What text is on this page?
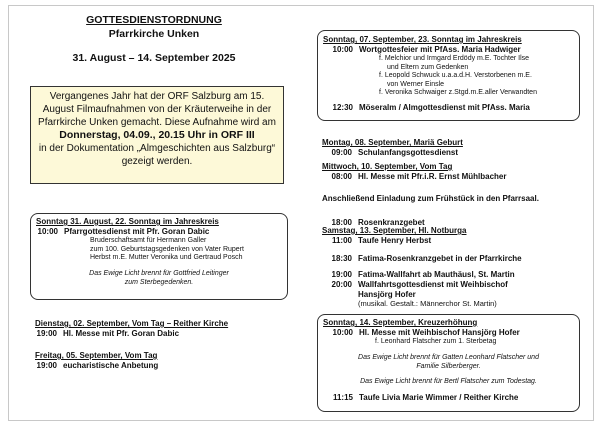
GOTTESDIENSTORDNUNG
Pfarrkirche Unken
31. August – 14. September 2025
Vergangenes Jahr hat der ORF Salzburg am 15. August Filmaufnahmen von der Kräuterweihe in der Pfarrkirche Unken gemacht. Diese Aufnahme wird am
Donnerstag, 04.09., 20.15 Uhr in ORF III
in der Dokumentation „Almgeschichten aus Salzburg“ gezeigt werden.
Sonntag 31. August, 22. Sonntag im Jahreskreis
10:00 Pfarrgottesdienst mit Pfr. Goran Dabic
Bruderschaftsamt für Hermann Galler
zum 100. Geburtstagsgedenken von Vater Rupert
Herbst m.E. Mutter Veronika und Gertraud Posch
Das Ewige Licht brennt für Gottfried Leitinger
zum Sterbegedenken.
Dienstag, 02. September, Vom Tag – Reither Kirche
19:00 Hl. Messe mit Pfr. Goran Dabic
Freitag, 05. September, Vom Tag
19:00 eucharistische Anbetung
Sonntag, 07. September, 23. Sonntag im Jahreskreis
10:00 Wortgottesfeier mit PfAss. Maria Hadwiger
f. Melchior und Irmgard Erdödy m.E. Tochter Ilse
und Eltern zum Gedenken
f. Leopold Schwuck u.a.a.d.H. Verstorbenen m.E.
von Werner Einsle
f. Veronika Schwaiger z.Stgd.m.E.aller Verwandten
12:30 Möseralm / Almgottesdienst mit PfAss. Maria
Montag, 08. September, Mariä Geburt
09:00 Schulanfangsgottesdienst
Mittwoch, 10. September, Vom Tag
08:00 Hl. Messe mit Pfr.i.R. Ernst Mühlbacher
Anschließend Einladung zum Frühstück in den Pfarrsaal.
18:00 Rosenkranzgebet
Samstag, 13. September, Hl. Notburga
11:00 Taufe Henry Herbst
18:30 Fatima-Rosenkranzgebet in der Pfarrkirche
19:00 Fatima-Wallfahrt ab Mauthäusl, St. Martin
20:00 Wallfahrtsgottesdienst mit Weihbischof
Hansjörg Hofer
(musikal. Gestalt.: Männerchor St. Martin)
Sonntag, 14. September, Kreuzerhöhung
10:00 Hl. Messe mit Weihbischof Hansjörg Hofer
f. Leonhard Flatscher zum 1. Sterbetag
Das Ewige Licht brennt für Gatten Leonhard Flatscher und
Familie Silberberger.
Das Ewige Licht brennt für Bertl Flatscher zum Todestag.
11:15 Taufe Livia Marie Wimmer / Reither Kirche
